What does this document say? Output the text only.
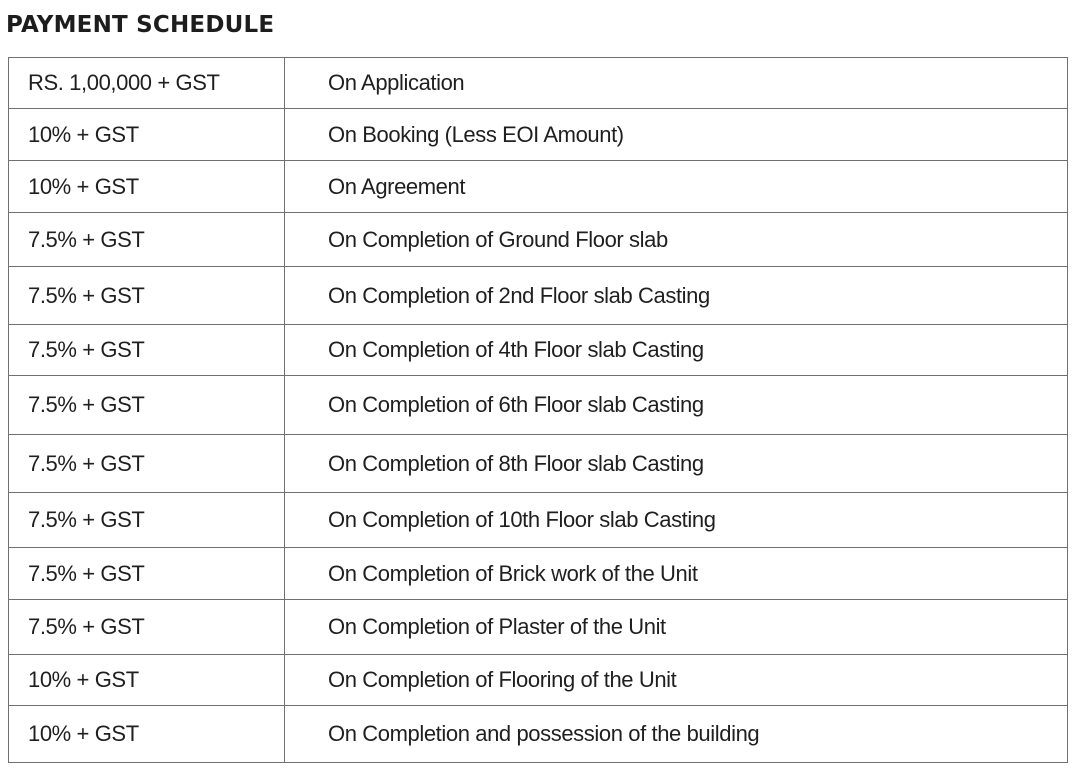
PAYMENT SCHEDULE
RS. 1,00,000 + GST	On Application
10% + GST	On Booking (Less EOI Amount)
10% + GST	On Agreement
7.5% + GST	On Completion of Ground Floor slab
7.5% + GST	On Completion of 2nd Floor slab Casting
7.5% + GST	On Completion of 4th Floor slab Casting
7.5% + GST	On Completion of 6th Floor slab Casting
7.5% + GST	On Completion of 8th Floor slab Casting
7.5% + GST	On Completion of 10th Floor slab Casting
7.5% + GST	On Completion of Brick work of the Unit
7.5% + GST	On Completion of Plaster of the Unit
10% + GST	On Completion of Flooring of the Unit
10% + GST	On Completion and possession of the building
